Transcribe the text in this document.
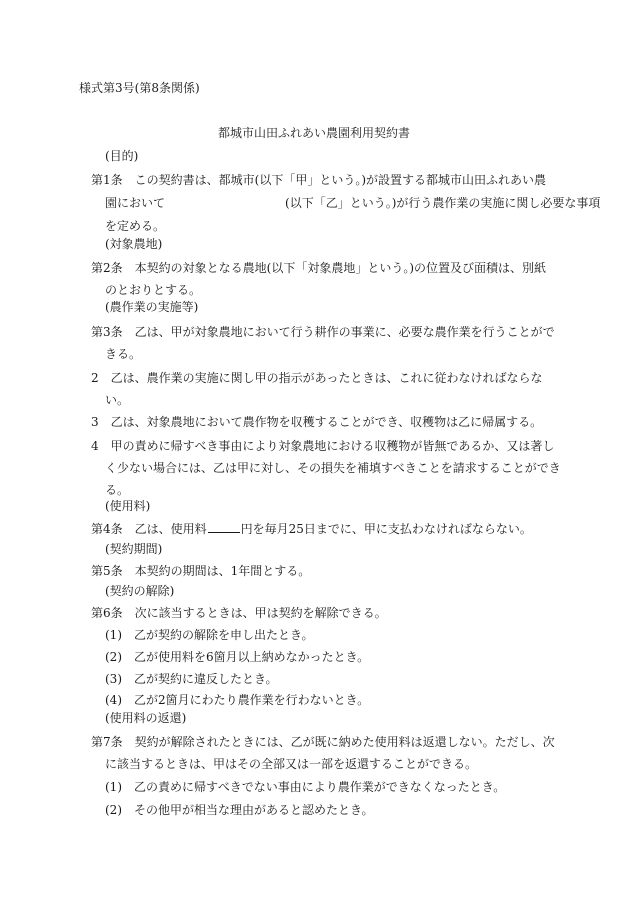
様式第3号(第8条関係)
都城市山田ふれあい農園利用契約書
(目的)
第1条　この契約書は、都城市(以下「甲」という。)が設置する都城市山田ふれあい農
園において	(以下「乙」という。)が行う農作業の実施に関し必要な事項
を定める。
(対象農地)
第2条　本契約の対象となる農地(以下「対象農地」という。)の位置及び面積は、別紙
のとおりとする。
(農作業の実施等)
第3条　乙は、甲が対象農地において行う耕作の事業に、必要な農作業を行うことがで
きる。
2　乙は、農作業の実施に関し甲の指示があったときは、これに従わなければならな
い。
3　乙は、対象農地において農作物を収穫することができ、収穫物は乙に帰属する。
4　甲の責めに帰すべき事由により対象農地における収穫物が皆無であるか、又は著し
く少ない場合には、乙は甲に対し、その損失を補填すべきことを請求することができ
る。
(使用料)
第4条　乙は、使用料	円を毎月25日までに、甲に支払わなければならない。
(契約期間)
第5条　本契約の期間は、1年間とする。
(契約の解除)
第6条　次に該当するときは、甲は契約を解除できる。
(1)　乙が契約の解除を申し出たとき。
(2)　乙が使用料を6箇月以上納めなかったとき。
(3)　乙が契約に違反したとき。
(4)　乙が2箇月にわたり農作業を行わないとき。
(使用料の返還)
第7条　契約が解除されたときには、乙が既に納めた使用料は返還しない。ただし、次
に該当するときは、甲はその全部又は一部を返還することができる。
(1)　乙の責めに帰すべきでない事由により農作業ができなくなったとき。
(2)　その他甲が相当な理由があると認めたとき。
